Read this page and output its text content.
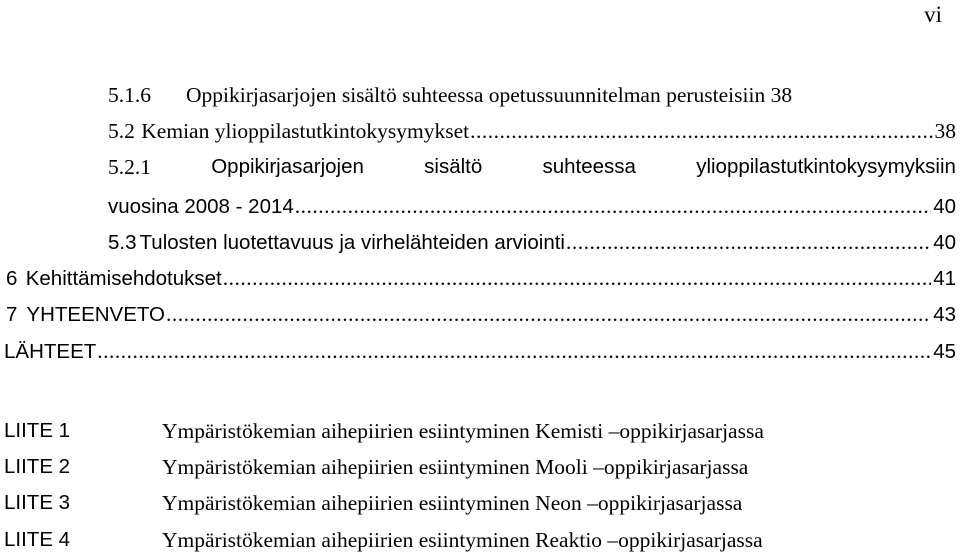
vi
5.1.6 Oppikirjasarjojen sisältö suhteessa opetussuunnitelman perusteisiin 38
5.2 Kemian ylioppilastutkintokysymykset .....	38
5.2.1	Oppikirjasarjojen	sisältö	suhteessa	ylioppilastutkintokysymyksiin
vuosina 2008 - 2014 .....	40
5.3 Tulosten luotettavuus ja virhelähteiden arviointi .....	40
6 Kehittämisehdotukset .....	41
7 YHTEENVETO .....	43
LÄHTEET .....	45
LIITE 1	Ympäristökemian aihepiirien esiintyminen Kemisti –oppikirjasarjassa
LIITE 2	Ympäristökemian aihepiirien esiintyminen Mooli –oppikirjasarjassa
LIITE 3	Ympäristökemian aihepiirien esiintyminen Neon –oppikirjasarjassa
LIITE 4	Ympäristökemian aihepiirien esiintyminen Reaktio –oppikirjasarjassa
